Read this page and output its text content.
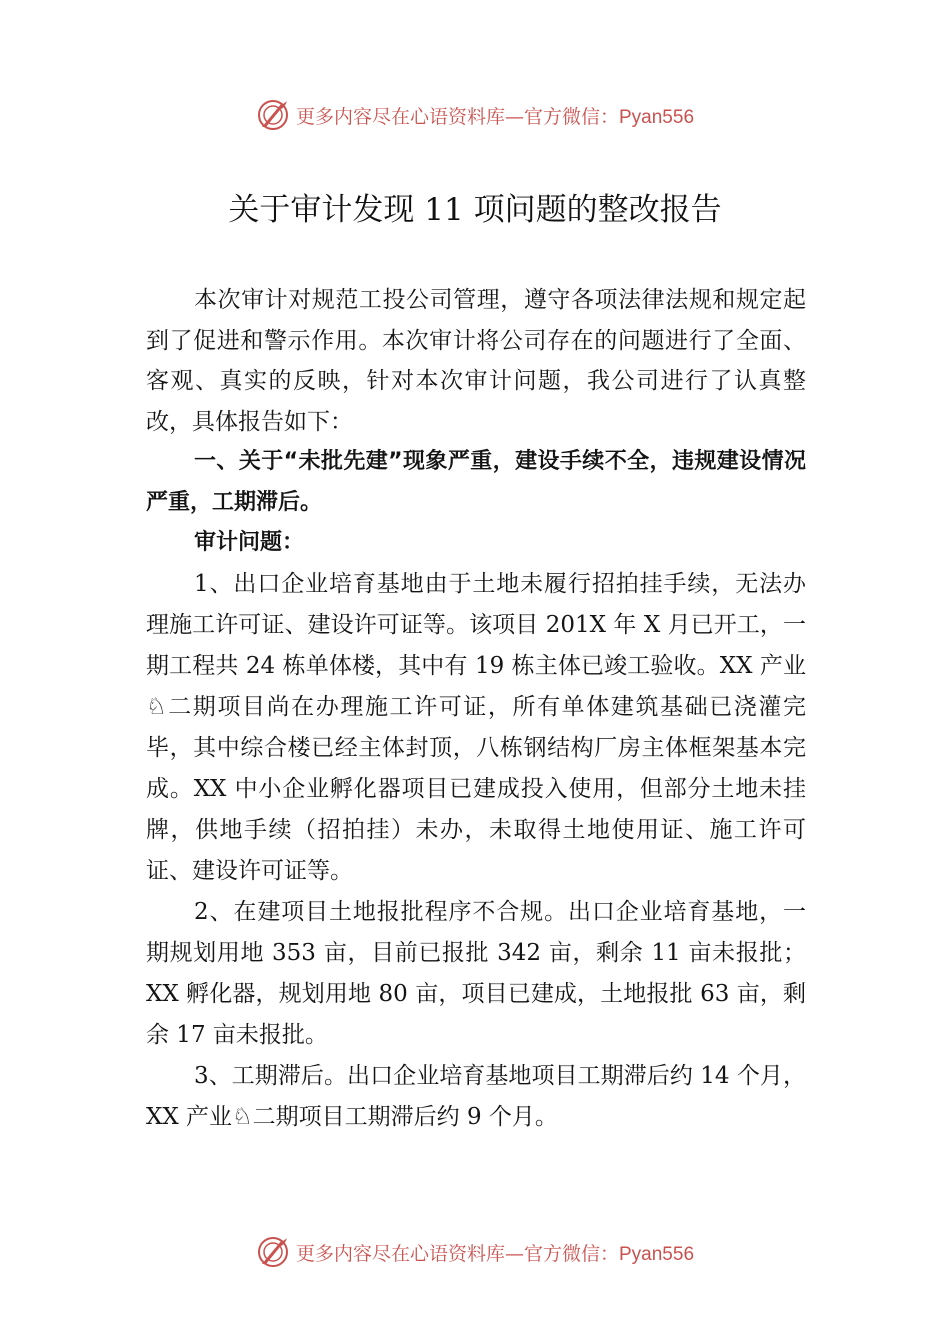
更多内容尽在心语资料库—官方微信：Pyan556
关于审计发现 11 项问题的整改报告

本次审计对规范工投公司管理，遵守各项法律法规和规定起到了促进和警示作用。本次审计将公司存在的问题进行了全面、客观、真实的反映，针对本次审计问题，我公司进行了认真整改，具体报告如下：

一、关于“未批先建”现象严重，建设手续不全，违规建设情况严重，工期滞后。

审计问题：

1、出口企业培育基地由于土地未履行招拍挂手续，无法办理施工许可证、建设许可证等。该项目 201X 年 X 月已开工，一期工程共 24 栋单体楼，其中有 19 栋主体已竣工验收。XX 产业♘二期项目尚在办理施工许可证，所有单体建筑基础已浇灌完毕，其中综合楼已经主体封顶，八栋钢结构厂房主体框架基本完成。XX 中小企业孵化器项目已建成投入使用，但部分土地未挂牌，供地手续（招拍挂）未办，未取得土地使用证、施工许可证、建设许可证等。

2、在建项目土地报批程序不合规。出口企业培育基地，一期规划用地 353 亩，目前已报批 342 亩，剩余 11 亩未报批；XX 孵化器，规划用地 80 亩，项目已建成，土地报批 63 亩，剩余 17 亩未报批。

3、工期滞后。出口企业培育基地项目工期滞后约 14 个月，XX 产业♘二期项目工期滞后约 9 个月。

更多内容尽在心语资料库—官方微信：Pyan556
